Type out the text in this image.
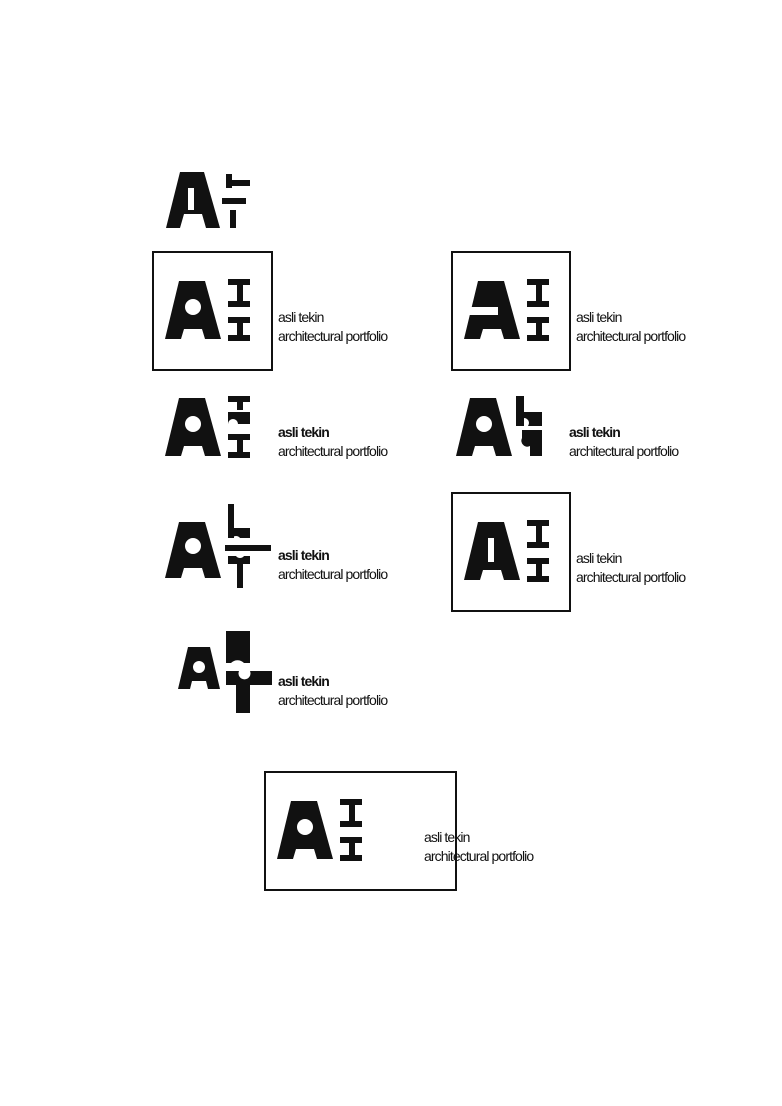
asli tekin
architectural portfolio
asli tekin
architectural portfolio
asli tekin
architectural portfolio
asli tekin
architectural portfolio
asli tekin
architectural portfolio
asli tekin
architectural portfolio
asli tekin
architectural portfolio
asli tekin
architectural portfolio
